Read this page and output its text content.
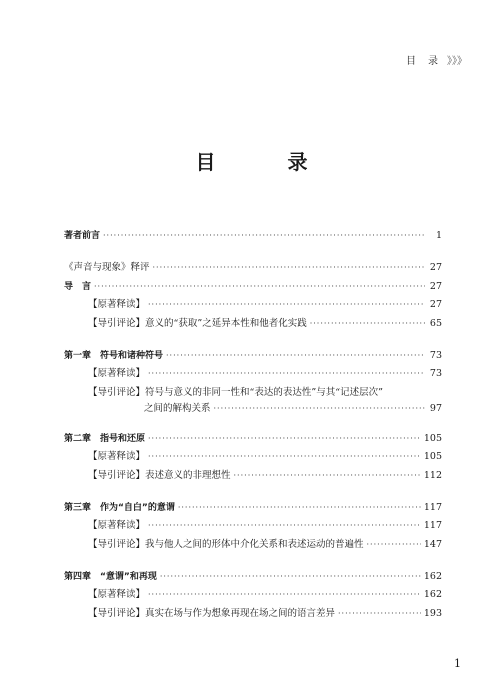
目　录 》》》
目　录
著者前言 ·····	1
《声音与现象》释评 ·····	27
导　言 ·····	27
【原著释读】 ·····	27
【导引评论】意义的“获取”之延异本性和他者化实践 ·····	65
第一章　符号和诸种符号 ·····	73
【原著释读】 ·····	73
【导引评论】符号与意义的非同一性和“表达的表达性”与其“记述层次”
之间的解构关系 ·····	97
第二章　指号和还原 ·····	105
【原著释读】 ·····	105
【导引评论】表述意义的非理想性 ·····	112
第三章　作为“自白”的意谓 ·····	117
【原著释读】 ·····	117
【导引评论】我与他人之间的形体中介化关系和表述运动的普遍性 ·····	147
第四章　“意谓”和再现 ·····	162
【原著释读】 ·····	162
【导引评论】真实在场与作为想象再现在场之间的语言差异 ·····	193
1
